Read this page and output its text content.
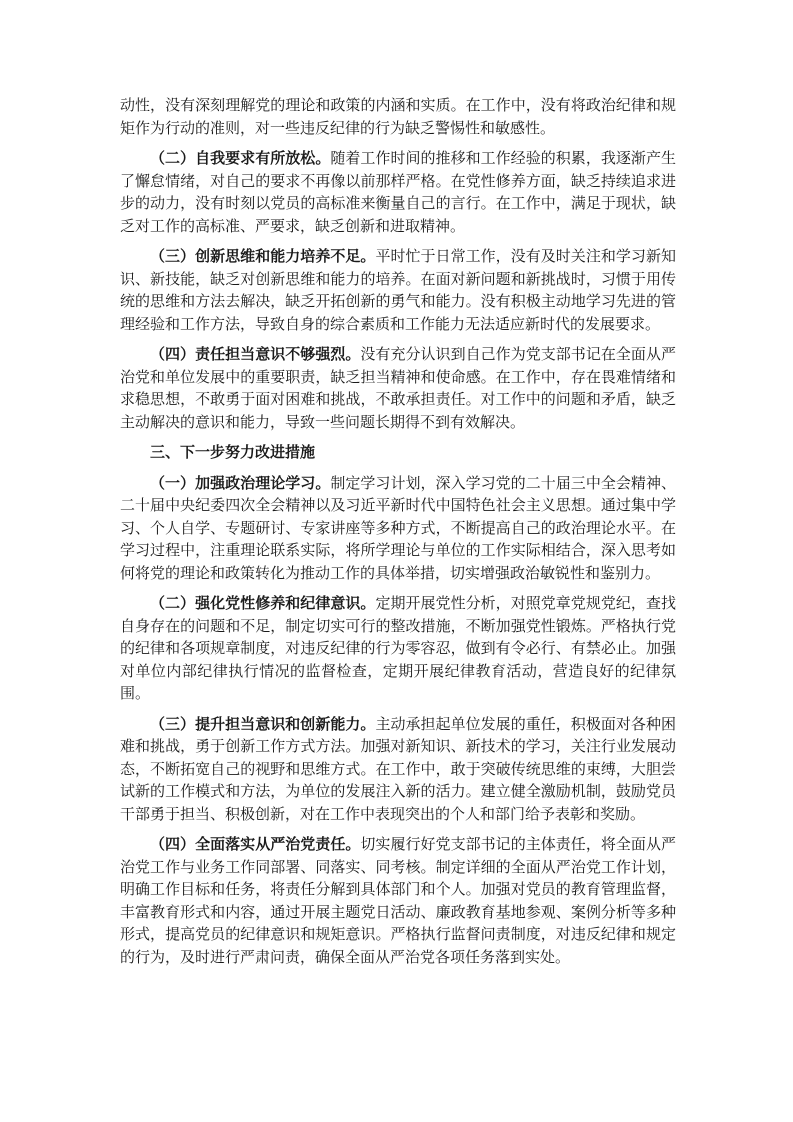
动性，没有深刻理解党的理论和政策的内涵和实质。在工作中，没有将政治纪律和规矩作为行动的准则，对一些违反纪律的行为缺乏警惕性和敏感性。

（二）自我要求有所放松。随着工作时间的推移和工作经验的积累，我逐渐产生了懈怠情绪，对自己的要求不再像以前那样严格。在党性修养方面，缺乏持续追求进步的动力，没有时刻以党员的高标准来衡量自己的言行。在工作中，满足于现状，缺乏对工作的高标准、严要求，缺乏创新和进取精神。

（三）创新思维和能力培养不足。平时忙于日常工作，没有及时关注和学习新知识、新技能，缺乏对创新思维和能力的培养。在面对新问题和新挑战时，习惯于用传统的思维和方法去解决，缺乏开拓创新的勇气和能力。没有积极主动地学习先进的管理经验和工作方法，导致自身的综合素质和工作能力无法适应新时代的发展要求。

（四）责任担当意识不够强烈。没有充分认识到自己作为党支部书记在全面从严治党和单位发展中的重要职责，缺乏担当精神和使命感。在工作中，存在畏难情绪和求稳思想，不敢勇于面对困难和挑战，不敢承担责任。对工作中的问题和矛盾，缺乏主动解决的意识和能力，导致一些问题长期得不到有效解决。

三、下一步努力改进措施

（一）加强政治理论学习。制定学习计划，深入学习党的二十届三中全会精神、二十届中央纪委四次全会精神以及习近平新时代中国特色社会主义思想。通过集中学习、个人自学、专题研讨、专家讲座等多种方式，不断提高自己的政治理论水平。在学习过程中，注重理论联系实际，将所学理论与单位的工作实际相结合，深入思考如何将党的理论和政策转化为推动工作的具体举措，切实增强政治敏锐性和鉴别力。

（二）强化党性修养和纪律意识。定期开展党性分析，对照党章党规党纪，查找自身存在的问题和不足，制定切实可行的整改措施，不断加强党性锻炼。严格执行党的纪律和各项规章制度，对违反纪律的行为零容忍，做到有令必行、有禁必止。加强对单位内部纪律执行情况的监督检查，定期开展纪律教育活动，营造良好的纪律氛围。

（三）提升担当意识和创新能力。主动承担起单位发展的重任，积极面对各种困难和挑战，勇于创新工作方式方法。加强对新知识、新技术的学习，关注行业发展动态，不断拓宽自己的视野和思维方式。在工作中，敢于突破传统思维的束缚，大胆尝试新的工作模式和方法，为单位的发展注入新的活力。建立健全激励机制，鼓励党员干部勇于担当、积极创新，对在工作中表现突出的个人和部门给予表彰和奖励。

（四）全面落实从严治党责任。切实履行好党支部书记的主体责任，将全面从严治党工作与业务工作同部署、同落实、同考核。制定详细的全面从严治党工作计划，明确工作目标和任务，将责任分解到具体部门和个人。加强对党员的教育管理监督，丰富教育形式和内容，通过开展主题党日活动、廉政教育基地参观、案例分析等多种形式，提高党员的纪律意识和规矩意识。严格执行监督问责制度，对违反纪律和规定的行为，及时进行严肃问责，确保全面从严治党各项任务落到实处。
